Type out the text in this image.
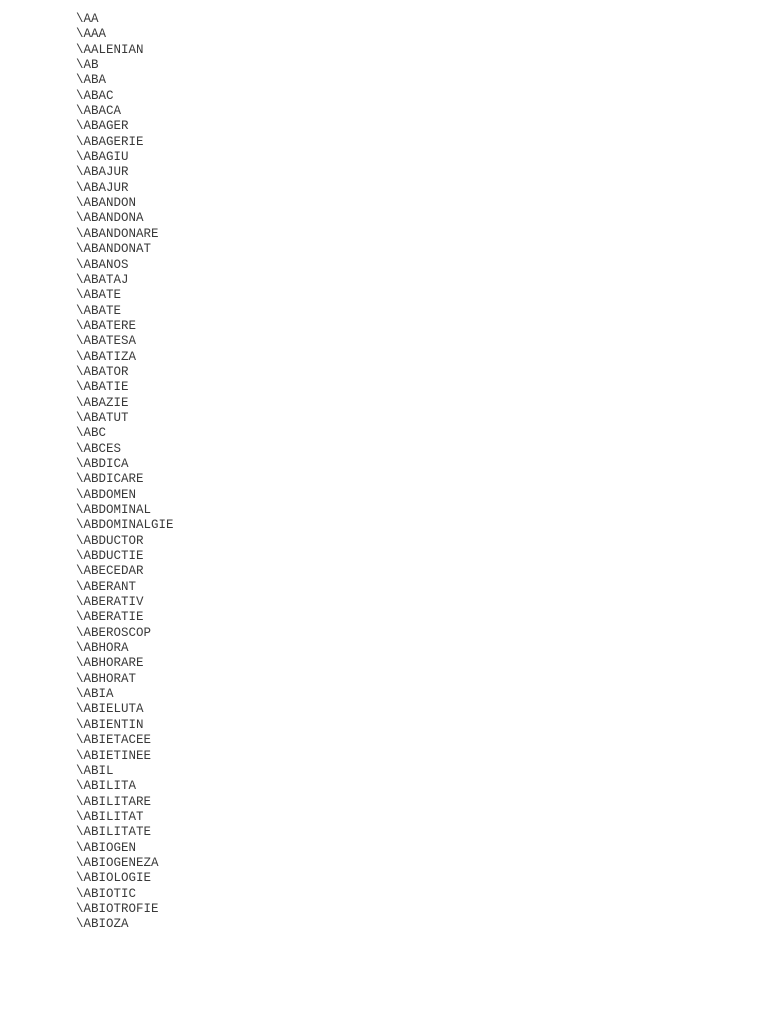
\AA
\AAA
\AALENIAN
\AB
\ABA
\ABAC
\ABACA
\ABAGER
\ABAGERIE
\ABAGIU
\ABAJUR
\ABAJUR
\ABANDON
\ABANDONA
\ABANDONARE
\ABANDONAT
\ABANOS
\ABATAJ
\ABATE
\ABATE
\ABATERE
\ABATESA
\ABATIZA
\ABATOR
\ABATIE
\ABAZIE
\ABATUT
\ABC
\ABCES
\ABDICA
\ABDICARE
\ABDOMEN
\ABDOMINAL
\ABDOMINALGIE
\ABDUCTOR
\ABDUCTIE
\ABECEDAR
\ABERANT
\ABERATIV
\ABERATIE
\ABEROSCOP
\ABHORA
\ABHORARE
\ABHORAT
\ABIA
\ABIELUTA
\ABIENTIN
\ABIETACEE
\ABIETINEE
\ABIL
\ABILITA
\ABILITARE
\ABILITAT
\ABILITATE
\ABIOGEN
\ABIOGENEZA
\ABIOLOGIE
\ABIOTIC
\ABIOTROFIE
\ABIOZA
